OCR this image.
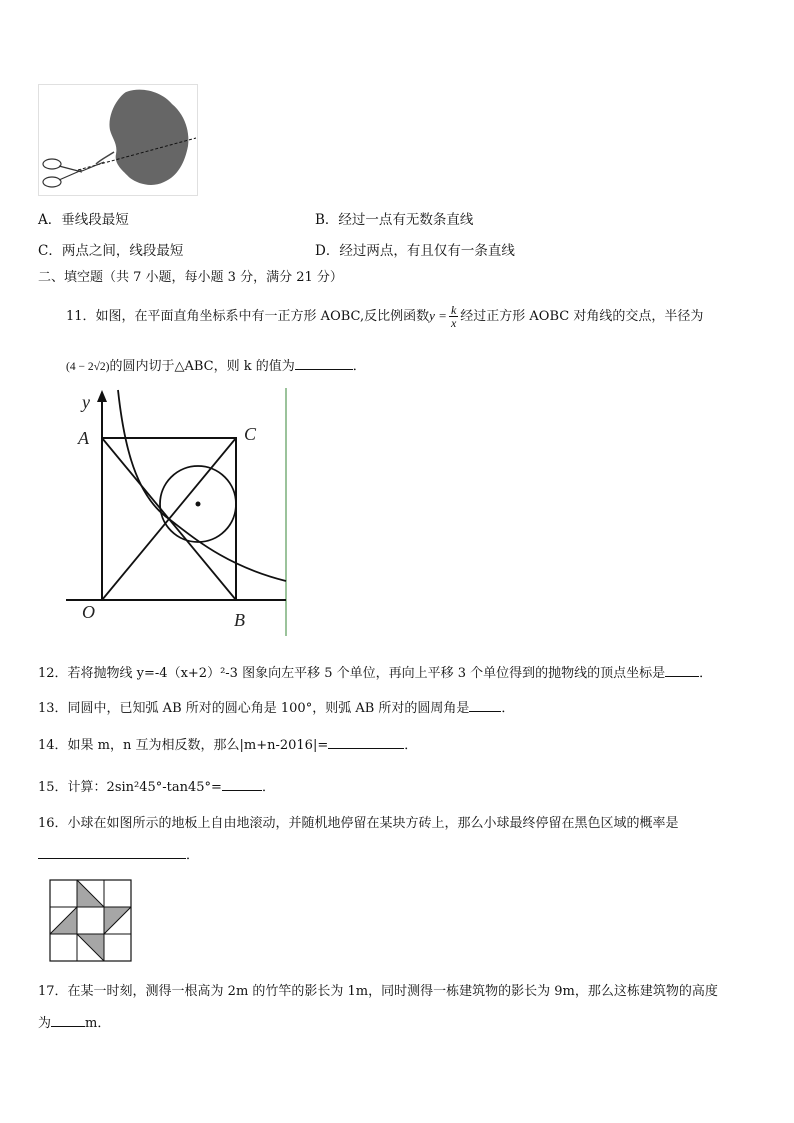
A．垂线段最短	B．经过一点有无数条直线
C．两点之间，线段最短	D．经过两点，有且仅有一条直线
二、填空题（共 7 小题，每小题 3 分，满分 21 分）
11．如图，在平面直角坐标系中有一正方形 AOBC,反比例函数$y = \frac{k}{x}$ 经过正方形 AOBC 对角线的交点，半径为
(4 − 2√2)的圆内切于△ABC，则 k 的值为	．
y
A	C
O	B
12．若将抛物线 y=-4（x+2）²-3 图象向左平移 5 个单位，再向上平移 3 个单位得到的抛物线的顶点坐标是	．
13．同圆中，已知弧 AB 所对的圆心角是 100°，则弧 AB 所对的圆周角是 ．
14．如果 m，n 互为相反数，那么|m+n-2016|=	．
15．计算：2sin²45°-tan45°=	．
16．小球在如图所示的地板上自由地滚动，并随机地停留在某块方砖上，那么小球最终停留在黑色区域的概率是
．
17．在某一时刻，测得一根高为 2m 的竹竿的影长为 1m，同时测得一栋建筑物的影长为 9m，那么这栋建筑物的高度
为	m．
